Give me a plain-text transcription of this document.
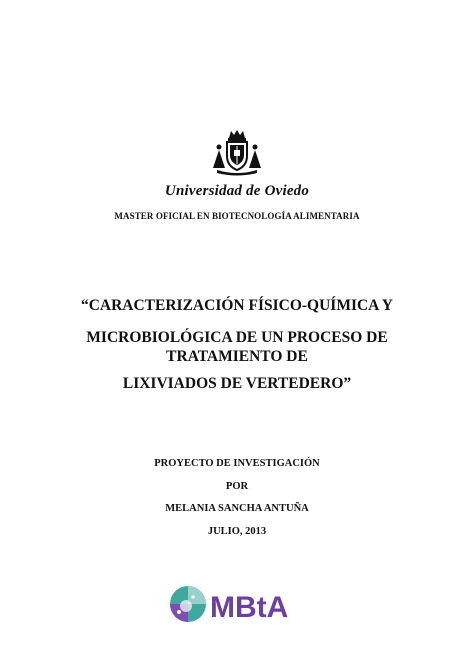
Universidad de Oviedo
MASTER OFICIAL EN BIOTECNOLOGÍA ALIMENTARIA
“CARACTERIZACIÓN FÍSICO-QUÍMICA Y
MICROBIOLÓGICA DE UN PROCESO DE
TRATAMIENTO DE
LIXIVIADOS DE VERTEDERO”
PROYECTO DE INVESTIGACIÓN
POR
MELANIA SANCHA ANTUÑA
JULIO, 2013
MBtA
